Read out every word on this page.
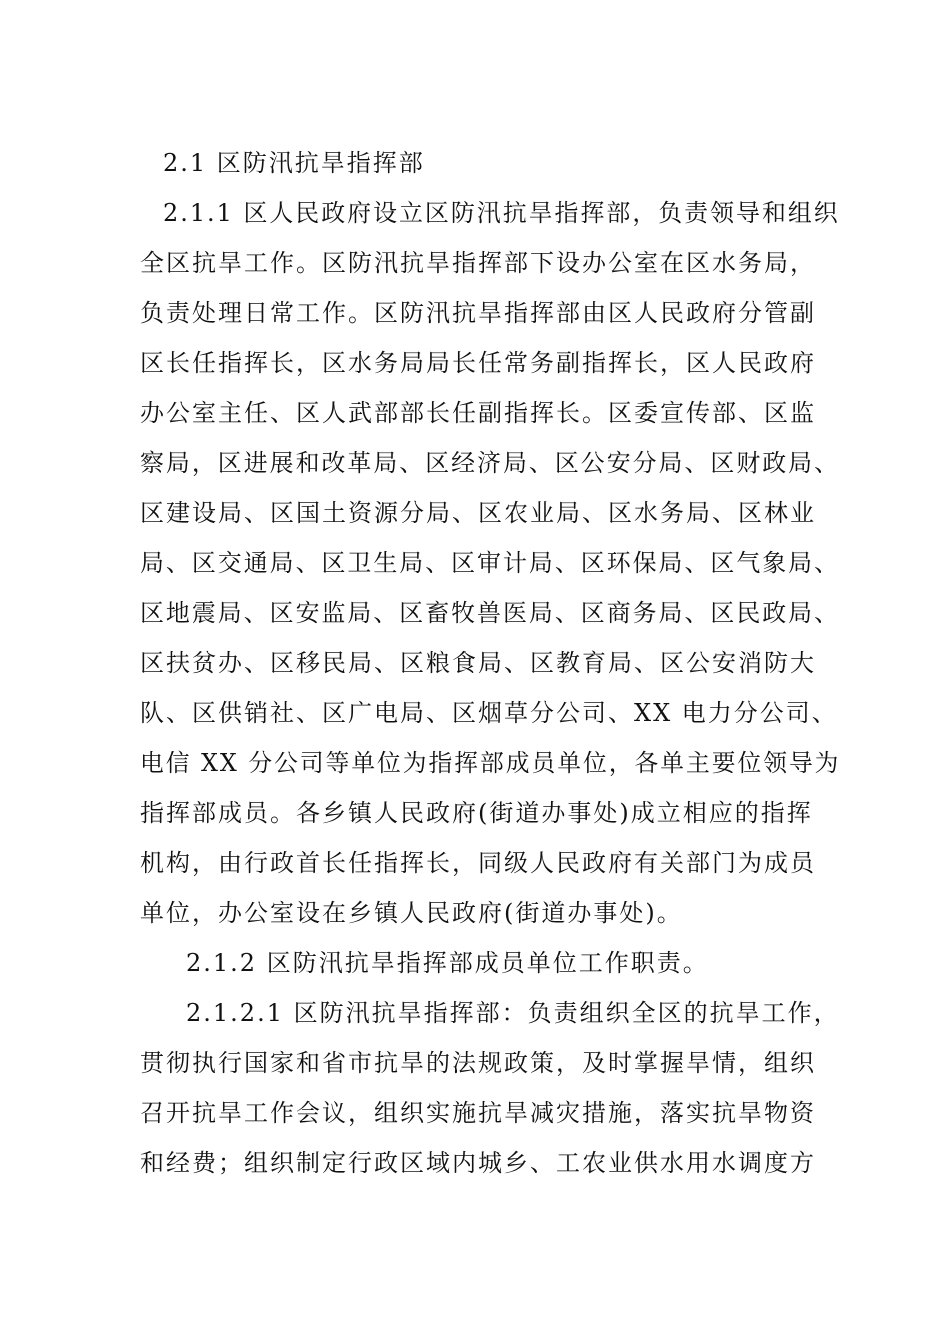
2.1 区防汛抗旱指挥部
2.1.1 区人民政府设立区防汛抗旱指挥部，负责领导和组织
全区抗旱工作。区防汛抗旱指挥部下设办公室在区水务局，
负责处理日常工作。区防汛抗旱指挥部由区人民政府分管副
区长任指挥长，区水务局局长任常务副指挥长，区人民政府
办公室主任、区人武部部长任副指挥长。区委宣传部、区监
察局，区进展和改革局、区经济局、区公安分局、区财政局、
区建设局、区国土资源分局、区农业局、区水务局、区林业
局、区交通局、区卫生局、区审计局、区环保局、区气象局、
区地震局、区安监局、区畜牧兽医局、区商务局、区民政局、
区扶贫办、区移民局、区粮食局、区教育局、区公安消防大
队、区供销社、区广电局、区烟草分公司、XX 电力分公司、
电信 XX 分公司等单位为指挥部成员单位，各单主要位领导为
指挥部成员。各乡镇人民政府(街道办事处)成立相应的指挥
机构，由行政首长任指挥长，同级人民政府有关部门为成员
单位，办公室设在乡镇人民政府(街道办事处)。
2.1.2 区防汛抗旱指挥部成员单位工作职责。
2.1.2.1 区防汛抗旱指挥部：负责组织全区的抗旱工作，
贯彻执行国家和省市抗旱的法规政策，及时掌握旱情，组织
召开抗旱工作会议，组织实施抗旱减灾措施，落实抗旱物资
和经费；组织制定行政区域内城乡、工农业供水用水调度方
